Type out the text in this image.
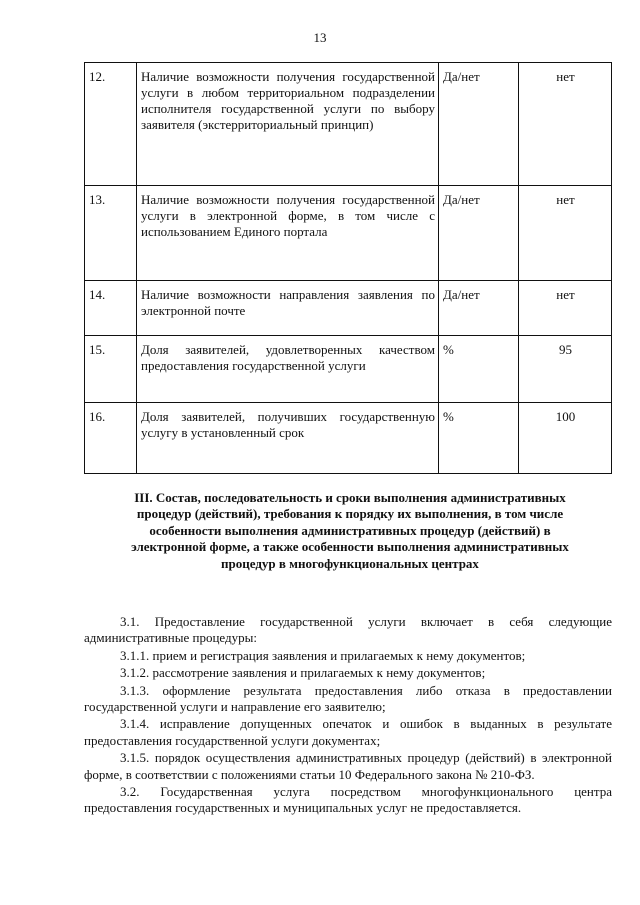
13
12.	Наличие возможности получения государственной услуги в любом территориальном подразделении исполнителя государственной услуги по выбору заявителя (экстерриториальный принцип)	Да/нет	нет
13.	Наличие возможности получения государственной услуги в электронной форме, в том числе с использованием Единого портала	Да/нет	нет
14.	Наличие возможности направления заявления по электронной почте	Да/нет	нет
15.	Доля заявителей, удовлетворенных качеством предоставления государственной услуги	%	95
16.	Доля заявителей, получивших государственную услугу в установленный срок	%	100
III. Состав, последовательность и сроки выполнения административных процедур (действий), требования к порядку их выполнения, в том числе особенности выполнения административных процедур (действий) в электронной форме, а также особенности выполнения административных процедур в многофункциональных центрах

3.1. Предоставление государственной услуги включает в себя следующие административные процедуры:

3.1.1. прием и регистрация заявления и прилагаемых к нему документов;

3.1.2. рассмотрение заявления и прилагаемых к нему документов;

3.1.3. оформление результата предоставления либо отказа в предоставлении государственной услуги и направление его заявителю;

3.1.4. исправление допущенных опечаток и ошибок в выданных в результате предоставления государственной услуги документах;

3.1.5. порядок осуществления административных процедур (действий) в электронной форме, в соответствии с положениями статьи 10 Федерального закона № 210-ФЗ.

3.2. Государственная услуга посредством многофункционального центра предоставления государственных и муниципальных услуг не предоставляется.
